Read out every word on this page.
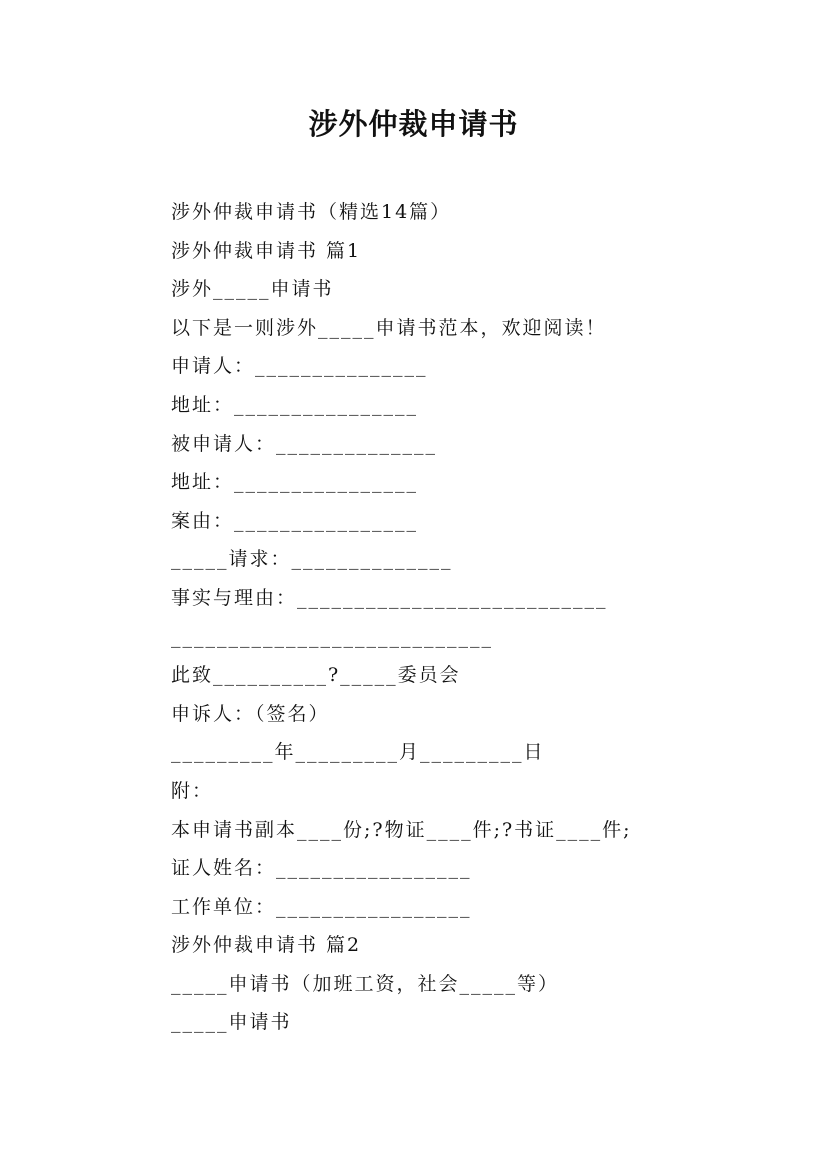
涉外仲裁申请书
涉外仲裁申请书（精选14篇）
涉外仲裁申请书 篇1
涉外_____申请书
以下是一则涉外_____申请书范本，欢迎阅读！
申请人：_______________
地址：________________
被申请人：______________
地址：________________
案由：________________
_____请求：______________
事实与理由：___________________________
____________________________
此致__________?_____委员会
申诉人：（签名）
_________年_________月_________日
附：
本申请书副本____份;?物证____件;?书证____件;
证人姓名：_________________
工作单位：_________________
涉外仲裁申请书 篇2
_____申请书（加班工资，社会_____等）
_____申请书
